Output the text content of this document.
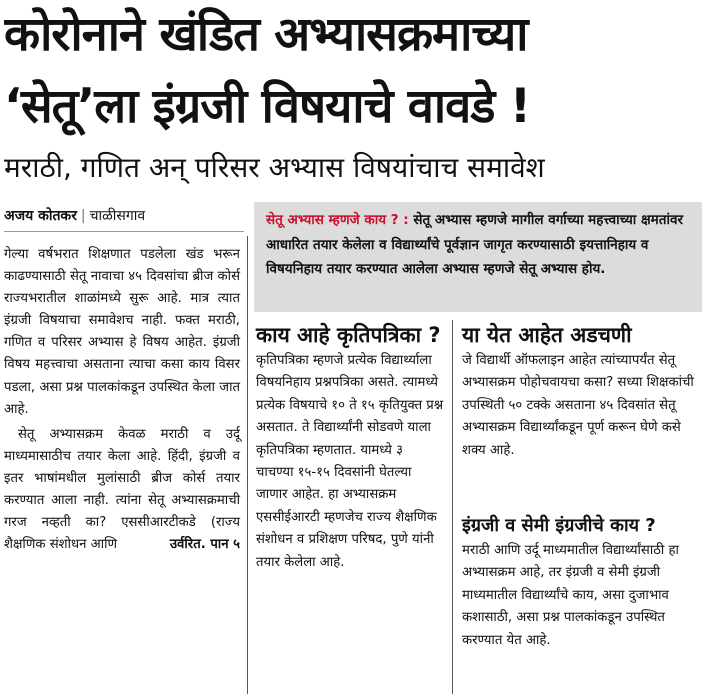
कोरोनाने खंडित अभ्यासक्रमाच्या
‘सेतू’ला इंग्रजी विषयाचे वावडे !
मराठी, गणित अन् परिसर अभ्यास विषयांचाच समावेश
अजय कोतकर | चाळीसगाव

गेल्या वर्षभरात शिक्षणात पडलेला खंड भरून काढण्यासाठी सेतू नावाचा ४५ दिवसांचा ब्रीज कोर्स राज्यभरातील शाळांमध्ये सुरू आहे. मात्र त्यात इंग्रजी विषयाचा समावेशच नाही. फक्त मराठी, गणित व परिसर अभ्यास हे विषय आहेत. इंग्रजी विषय महत्त्वाचा असताना त्याचा कसा काय विसर पडला, असा प्रश्न पालकांकडून उपस्थित केला जात आहे.

सेतू अभ्यासक्रम केवळ मराठी व उर्दू माध्यमासाठीच तयार केला आहे. हिंदी, इंग्रजी व इतर भाषांमधील मुलांसाठी ब्रीज कोर्स तयार करण्यात आला नाही. त्यांना सेतू अभ्यासक्रमाची गरज नव्हती का? एससीआरटीकडे (राज्य शैक्षणिक संशोधन आणि	उर्वरित. पान ५

सेतू अभ्यास म्हणजे काय ? : सेतू अभ्यास म्हणजे मागील वर्गाच्या महत्त्वाच्या क्षमतांवर आधारित तयार केलेला व विद्यार्थ्यांचे पूर्वज्ञान जागृत करण्यासाठी इयत्तानिहाय व विषयनिहाय तयार करण्यात आलेला अभ्यास म्हणजे सेतू अभ्यास होय.
काय आहे कृतिपत्रिका ?

कृतिपत्रिका म्हणजे प्रत्येक विद्यार्थ्याला विषयनिहाय प्रश्नपत्रिका असते. त्यामध्ये प्रत्येक विषयाचे १० ते १५ कृतियुक्त प्रश्न असतात. ते विद्यार्थ्यांनी सोडवणे याला कृतिपत्रिका म्हणतात. यामध्ये ३ चाचण्या १५-१५ दिवसांनी घेतल्या जाणार आहेत. हा अभ्यासक्रम एससीईआरटी म्हणजेच राज्य शैक्षणिक संशोधन व प्रशिक्षण परिषद, पुणे यांनी तयार केलेला आहे.

या येत आहेत अडचणी

जे विद्यार्थी ऑफलाइन आहेत त्यांच्यापर्यंत सेतू अभ्यासक्रम पोहोचवायचा कसा? सध्या शिक्षकांची उपस्थिती ५० टक्के असताना ४५ दिवसांत सेतू अभ्यासक्रम विद्यार्थ्यांकडून पूर्ण करून घेणे कसे शक्य आहे.

इंग्रजी व सेमी इंग्रजीचे काय ?

मराठी आणि उर्दू माध्यमातील विद्यार्थ्यांसाठी हा अभ्यासक्रम आहे, तर इंग्रजी व सेमी इंग्रजी माध्यमातील विद्यार्थ्यांचे काय, असा दुजाभाव कशासाठी, असा प्रश्न पालकांकडून उपस्थित करण्यात येत आहे.
